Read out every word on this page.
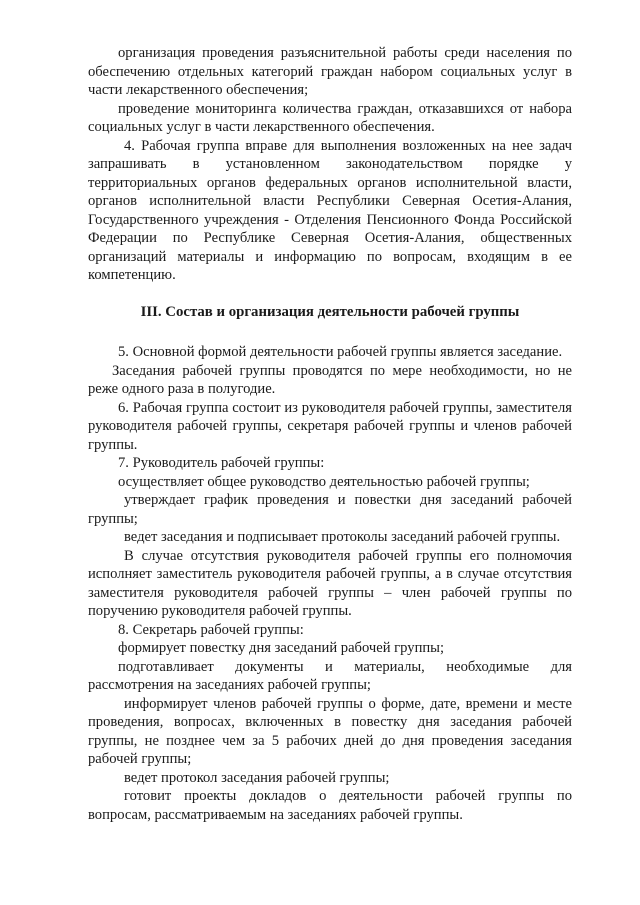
организация проведения разъяснительной работы среди населения по обеспечению отдельных категорий граждан набором социальных услуг в части лекарственного обеспечения;

проведение мониторинга количества граждан, отказавшихся от набора социальных услуг в части лекарственного обеспечения.

4. Рабочая группа вправе для выполнения возложенных на нее задач запрашивать в установленном законодательством порядке у территориальных органов федеральных органов исполнительной власти, органов исполнительной власти Республики Северная Осетия-Алания, Государственного учреждения - Отделения Пенсионного Фонда Российской Федерации по Республике Северная Осетия-Алания, общественных организаций материалы и информацию по вопросам, входящим в ее компетенцию.

III. Состав и организация деятельности рабочей группы

5. Основной формой деятельности рабочей группы является заседание.

Заседания рабочей группы проводятся по мере необходимости, но не реже одного раза в полугодие.

6. Рабочая группа состоит из руководителя рабочей группы, заместителя руководителя рабочей группы, секретаря рабочей группы и членов рабочей группы.

7. Руководитель рабочей группы:

осуществляет общее руководство деятельностью рабочей группы;

утверждает график проведения и повестки дня заседаний рабочей группы;

ведет заседания и подписывает протоколы заседаний рабочей группы.

В случае отсутствия руководителя рабочей группы его полномочия исполняет заместитель руководителя рабочей группы, а в случае отсутствия заместителя руководителя рабочей группы – член рабочей группы по поручению руководителя рабочей группы.

8. Секретарь рабочей группы:

формирует повестку дня заседаний рабочей группы;

подготавливает документы и материалы, необходимые для рассмотрения на заседаниях рабочей группы;

информирует членов рабочей группы о форме, дате, времени и месте проведения, вопросах, включенных в повестку дня заседания рабочей группы, не позднее чем за 5 рабочих дней до дня проведения заседания рабочей группы;

ведет протокол заседания рабочей группы;

готовит проекты докладов о деятельности рабочей группы по вопросам, рассматриваемым на заседаниях рабочей группы.
